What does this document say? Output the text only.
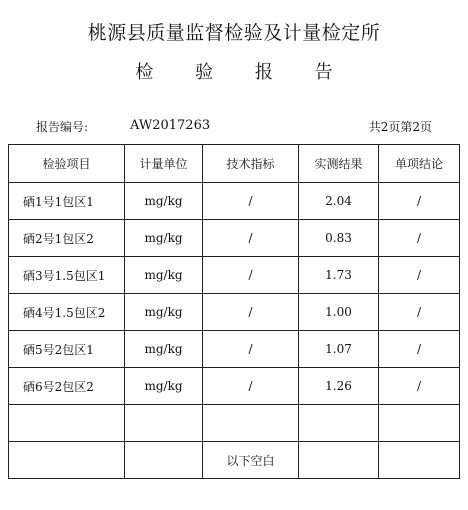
桃源县质量监督检验及计量检定所
检 验 报 告
报告编号:	AW2017263	共2页第2页
检验项目	计量单位	技术指标	实测结果	单项结论
硒1号1包区1	mg/kg	/	2.04	/
硒2号1包区2	mg/kg	/	0.83	/
硒3号1.5包区1	mg/kg	/	1.73	/
硒4号1.5包区2	mg/kg	/	1.00	/
硒5号2包区1	mg/kg	/	1.07	/
硒6号2包区2	mg/kg	/	1.26	/

		以下空白		
